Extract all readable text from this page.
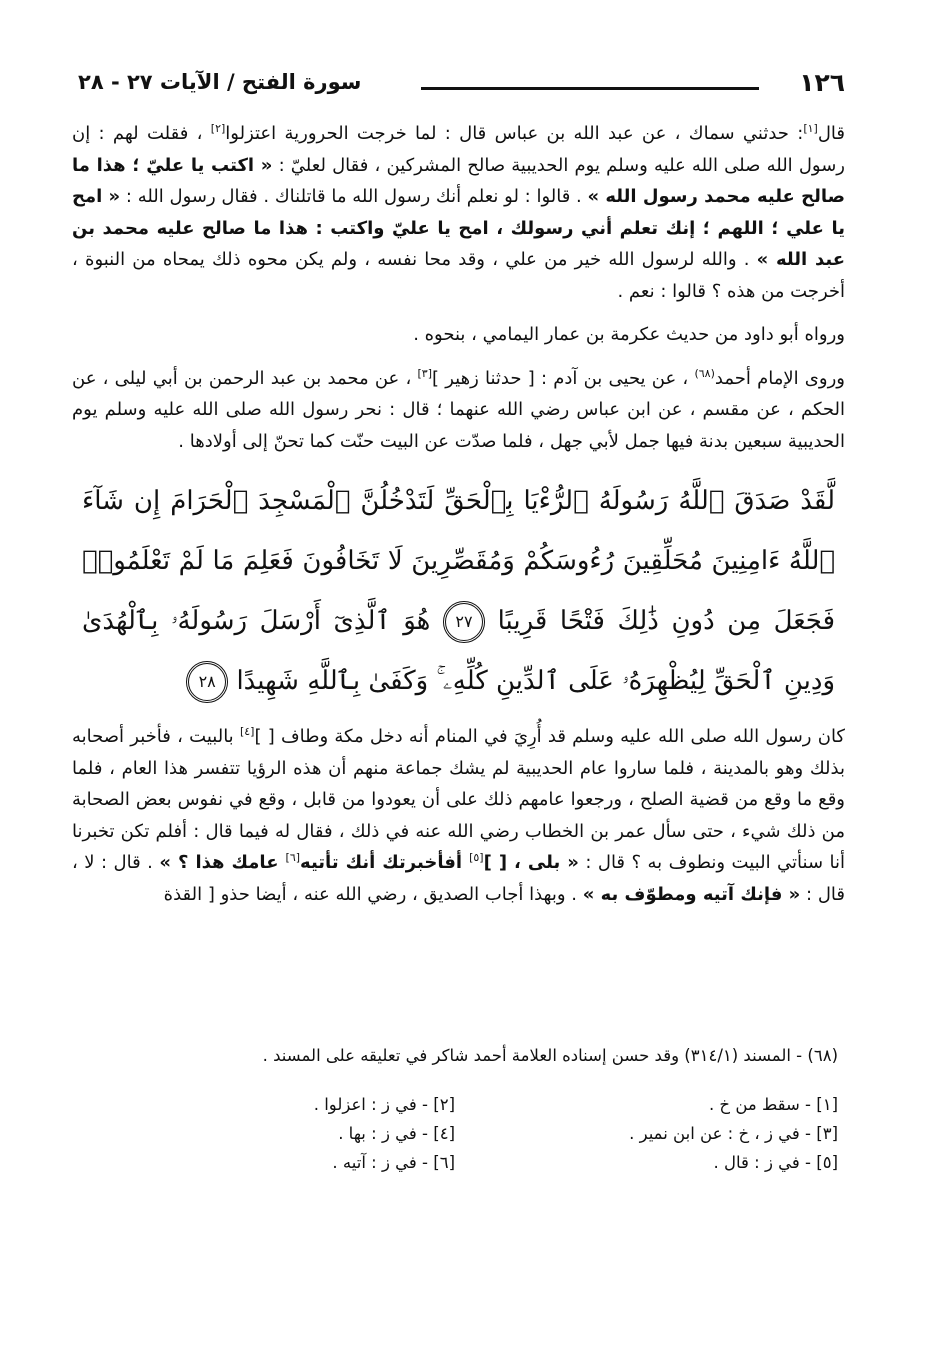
١٢٦
سورة الفتح / الآيات ٢٧ - ٢٨

قال[١]: حدثني سماك ، عن عبد الله بن عباس قال : لما خرجت الحرورية اعتزلوا[٢] ، فقلت لهم : إن رسول الله صلى الله عليه وسلم يوم الحديبية صالح المشركين ، فقال لعليّ : « اكتب يا عليّ ؛ هذا ما صالح عليه محمد رسول الله » . قالوا : لو نعلم أنك رسول الله ما قاتلناك . فقال رسول الله : « امح يا علي ؛ اللهم ؛ إنك تعلم أني رسولك ، امح يا عليّ واكتب : هذا ما صالح عليه محمد بن عبد الله » . والله لرسول الله خير من علي ، وقد محا نفسه ، ولم يكن محوه ذلك يمحاه من النبوة ، أخرجت من هذه ؟ قالوا : نعم .

ورواه أبو داود من حديث عكرمة بن عمار اليمامي ، بنحوه .

وروى الإمام أحمد$^{(٦٨)}$ ، عن يحيى بن آدم : [ حدثنا زهير ][٣] ، عن محمد بن عبد الرحمن بن أبي ليلى ، عن الحكم ، عن مقسم ، عن ابن عباس رضي الله عنهما ؛ قال : نحر رسول الله صلى الله عليه وسلم يوم الحديبية سبعين بدنة فيها جمل لأبي جهل ، فلما صدّت عن البيت حنّت كما تحنّ إلى أولادها .

لَّقَدْ صَدَقَ ٱللَّهُ رَسُولَهُ ٱلرُّءْيَا بِٱلْحَقِّ لَتَدْخُلُنَّ ٱلْمَسْجِدَ ٱلْحَرَامَ إِن شَآءَ ٱللَّهُ ءَامِنِينَ مُحَلِّقِينَ رُءُوسَكُمْ وَمُقَصِّرِينَ لَا تَخَافُونَ فَعَلِمَ مَا لَمْ تَعْلَمُوا۟ فَجَعَلَ مِن دُونِ ذَٰلِكَ فَتْحًا قَرِيبًا ٢٧ هُوَ ٱلَّذِىٓ أَرْسَلَ رَسُولَهُۥ بِٱلْهُدَىٰ وَدِينِ ٱلْحَقِّ لِيُظْهِرَهُۥ عَلَى ٱلدِّينِ كُلِّهِۦ ۚ وَكَفَىٰ بِٱللَّهِ شَهِيدًا ٢٨

كان رسول الله صلى الله عليه وسلم قد أُرِيَ في المنام أنه دخل مكة وطاف [ ][٤] بالبيت ، فأخبر أصحابه بذلك وهو بالمدينة ، فلما ساروا عام الحديبية لم يشك جماعة منهم أن هذه الرؤيا تتفسر هذا العام ، فلما وقع ما وقع من قضية الصلح ، ورجعوا عامهم ذلك على أن يعودوا من قابل ، وقع في نفوس بعض الصحابة من ذلك شيء ، حتى سأل عمر بن الخطاب رضي الله عنه في ذلك ، فقال له فيما قال : أفلم تكن تخبرنا أنا سنأتي البيت ونطوف به ؟ قال : « بلى ، [ ][٥] أفأخبرتك أنك تأتيه[٦] عامك هذا ؟ » . قال : لا ، قال : « فإنك آتيه ومطوّف به » . وبهذا أجاب الصديق ، رضي الله عنه ، أيضا حذو [ القذة

(٦٨) - المسند (٣١٤/١) وقد حسن إسناده العلامة أحمد شاكر في تعليقه على المسند .

[١] - سقط من خ .
[٢] - في ز : اعزلوا .
[٣] - في ز ، خ : عن ابن نمير .
[٤] - في ز : بها .
[٥] - في ز : قال .
[٦] - في ز : آتيه .
